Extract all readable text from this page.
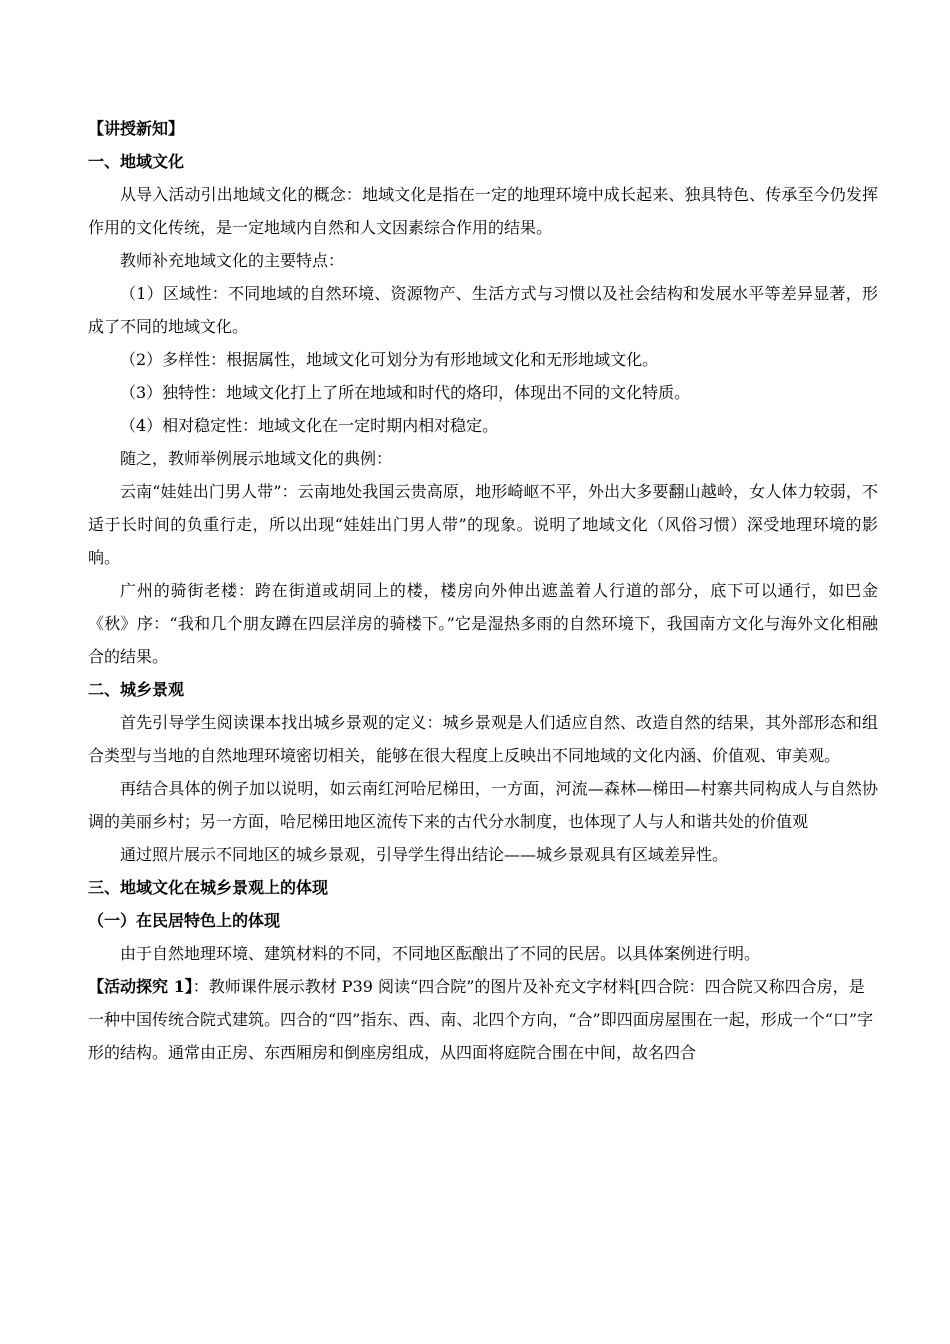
【讲授新知】

一、地域文化

从导入活动引出地域文化的概念：地域文化是指在一定的地理环境中成长起来、独具特色、传承至今仍发挥作用的文化传统，是一定地域内自然和人文因素综合作用的结果。

教师补充地域文化的主要特点：

（1）区域性：不同地域的自然环境、资源物产、生活方式与习惯以及社会结构和发展水平等差异显著，形成了不同的地域文化。

（2）多样性：根据属性，地域文化可划分为有形地域文化和无形地域文化。

（3）独特性：地域文化打上了所在地域和时代的烙印，体现出不同的文化特质。

（4）相对稳定性：地域文化在一定时期内相对稳定。

随之，教师举例展示地域文化的典例：

云南“娃娃出门男人带”：云南地处我国云贵高原，地形崎岖不平，外出大多要翻山越岭，女人体力较弱，不适于长时间的负重行走，所以出现“娃娃出门男人带”的现象。说明了地域文化（风俗习惯）深受地理环境的影响。

广州的骑街老楼：跨在街道或胡同上的楼，楼房向外伸出遮盖着人行道的部分，底下可以通行，如巴金《秋》序：“我和几个朋友蹲在四层洋房的骑楼下。”它是湿热多雨的自然环境下，我国南方文化与海外文化相融合的结果。

二、城乡景观

首先引导学生阅读课本找出城乡景观的定义：城乡景观是人们适应自然、改造自然的结果，其外部形态和组合类型与当地的自然地理环境密切相关，能够在很大程度上反映出不同地域的文化内涵、价值观、审美观。

再结合具体的例子加以说明，如云南红河哈尼梯田，一方面，河流—森林—梯田—村寨共同构成人与自然协调的美丽乡村；另一方面，哈尼梯田地区流传下来的古代分水制度，也体现了人与人和谐共处的价值观

通过照片展示不同地区的城乡景观，引导学生得出结论——城乡景观具有区域差异性。

三、地域文化在城乡景观上的体现

（一）在民居特色上的体现

由于自然地理环境、建筑材料的不同，不同地区酝酿出了不同的民居。以具体案例进行明。

【活动探究 1】：教师课件展示教材 P39 阅读“四合院”的图片及补充文字材料[四合院：四合院又称四合房，是一种中国传统合院式建筑。四合的“四”指东、西、南、北四个方向，“合”即四面房屋围在一起，形成一个“口”字形的结构。通常由正房、东西厢房和倒座房组成，从四面将庭院合围在中间，故名四合
